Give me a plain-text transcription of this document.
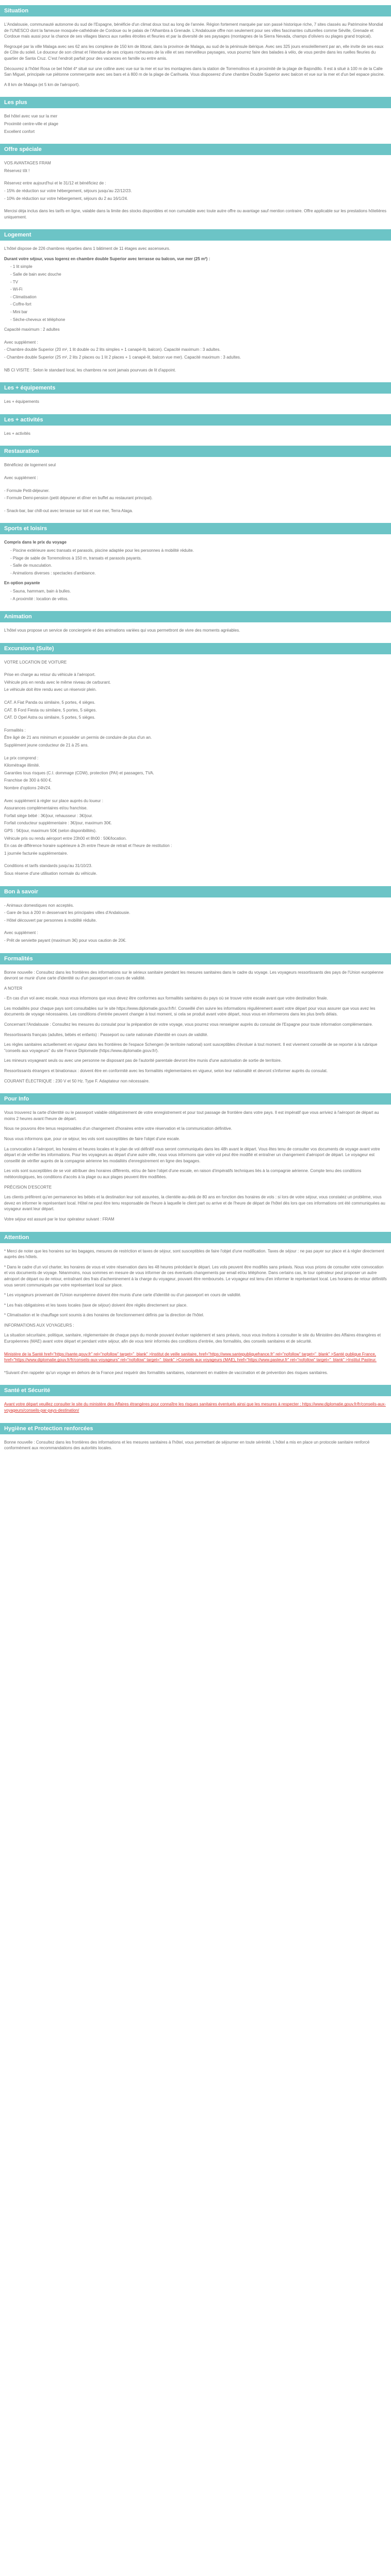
Situation

L'Andalousie, communauté autonome du sud de l'Espagne, bénéficie d'un climat doux tout au long de l'année. Région fortement marquée par son passé historique riche, 7 sites classés au Patrimoine Mondial de l'UNESCO dont la fameuse mosquée-cathédrale de Cordoue ou le palais de l'Alhambra à Grenade. L'Andalousie offre non seulement pour ses villes fascinantes culturelles comme Séville, Grenade et Cordoue mais aussi pour la chance de ses villages blancs aux ruelles étroites et fleuries et par la diversité de ses paysages (montagnes de la Sierra Nevada, champs d'oliviers ou plages grand tropical).

Regroupé par la ville Malaga avec ses 62 ans les complexe de 150 km de littoral, dans la province de Malaga, au sud de la péninsule ibérique. Avec ses 325 jours ensoleillement par an, elle invite de ses eaux de Côte du soleil. Le douceur de son climat et l'étendue de ses criques rocheuses de la ville et ses merveilleux paysages, vous pourrez faire des balades à vélo, de vous perdre dans les ruelles fleuries du quartier de Santa Cruz. C'est l'endroit parfait pour des vacances en famille ou entre amis.

Découvrez à l'hôtel Rosa ce bel hôtel 4* situé sur une colline avec vue sur la mer et sur les montagnes dans la station de Torremolinos et à proximité de la plage de Bajondillo. Il est à situé à 100 m de la Calle San Miguel, principale rue piétonne commerçante avec ses bars et à 800 m de la plage de Carihuela. Vous disposerez d'une chambre Double Superior avec balcon et vue sur la mer et d'un bel espace piscine.

A 8 km de Malaga (et 5 km de l'aéroport).

Les plus
Bel hôtel avec vue sur la mer
Proximité centre-ville et plage
Excellent confort
Offre spéciale
VOS AVANTAGES FRAM
Réservez tôt !
Réservez entre aujourd'hui et le 31/12 et bénéficiez de :
- 15% de réduction sur votre hébergement, séjours jusqu'au 22/12/23.
- 10% de réduction sur votre hébergement, séjours du 2 au 16/1/24.
Mercisi déja inclus dans les tarifs en ligne, valable dans la limite des stocks disponibles et non cumulable avec toute autre offre ou avantage sauf mention contraire. Offre applicable sur les prestations hôtelières uniquement.
Logement

L'hôtel dispose de 226 chambres réparties dans 1 bâtiment de 11 étages avec ascenseurs.

Durant votre séjour, vous logerez en chambre double Superior avec terrasse ou balcon, vue mer (25 m²) :
- 1 lit simple
- Salle de bain avec douche
- TV
- Wi-Fi
- Climatisation
- Coffre-fort
- Mini bar
- Sèche-cheveux et téléphone
Capacité maximum : 2 adultes
Avec supplément :
- Chambre double Superior (20 m², 1 lit double ou 2 lits simples + 1 canapé-lit, balcon). Capacité maximum : 3 adultes.
- Chambre double Superior (25 m², 2 lits 2 places ou 1 lit 2 places + 1 canapé-lit, balcon vue mer). Capacité maximum : 3 adultes.
NB CI VISITE : Selon le standard local, les chambres ne sont jamais pourvues de lit d'appoint.
Les + équipements
Les + équipements
Les + activités
Les + activités
Restauration
Bénéficiez de logement seul
Avec supplément :
- Formule Petit-déjeuner.
- Formule Demi-pension (petit déjeuner et dîner en buffet au restaurant principal).
- Snack-bar, bar chill-out avec terrasse sur toit et vue mer, Terra Alaga.
Sports et loisirs
Compris dans le prix du voyage
- Piscine extérieure avec transats et parasols, piscine adaptée pour les personnes à mobilité réduite.
- Plage de sable de Torremolinos à 150 m, transats et parasols payants.
- Salle de musculation.
- Animations diverses : spectacles d'ambiance.
En option payante
- Sauna, hammam, bain à bulles.
- A proximité : location de vélos.
Animation
L'hôtel vous propose un service de conciergerie et des animations variées qui vous permettront de vivre des moments agréables.
Excursions (Suite)
VOTRE LOCATION DE VOITURE
Prise en charge au retour du véhicule à l'aéroport.
Véhicule pris en rendu avec le même niveau de carburant.
Le véhicule doit être rendu avec un réservoir plein.
CAT. A Fiat Panda ou similaire, 5 portes, 4 sièges.
CAT. B Ford Fiesta ou similaire, 5 portes, 5 sièges.
CAT. D Opel Astra ou similaire, 5 portes, 5 sièges.
Formalités :
Être âgé de 21 ans minimum et posséder un permis de conduire de plus d'un an.
Supplément jeune conducteur de 21 à 25 ans.
Le prix comprend :
Kilométrage illimité.
Garanties tous risques (C.I. dommage (CDW), protection (PAI) et passagers, TVA.
Franchise de 300 à 600 €.
Nombre d'options 24h/24.
Avec supplément à régler sur place auprès du loueur :
Assurances complémentaires et/ou franchise.
Forfait siège bébé : 3€/jour, rehausseur : 3€/jour.
Forfait conducteur supplémentaire : 3€/jour, maximum 30€.
GPS : 5€/jour, maximum 50€ (selon disponibilités).
Véhicule pris ou rendu aéroport entre 23h00 et 8h00 : 50€/location.
En cas de différence horaire supérieure à 2h entre l'heure de retrait et l'heure de restitution :
1 journée facturée supplémentaire.
Conditions et tarifs standards jusqu'au 31/10/23.
Sous réserve d'une utilisation normale du véhicule.
Bon à savoir
- Animaux domestiques non acceptés.
- Gare de bus à 200 m desservant les principales villes d'Andalousie.
- Hôtel découvert par personnes à mobilité réduite.
Avec supplément :
- Prêt de serviette payant (maximum 3€) pour vous caution de 20€.
Formalités

Bonne nouvelle : Consultez dans les frontières des informations sur le sérieux sanitaire pendant les mesures sanitaires dans le cadre du voyage. Les voyageurs ressortissants des pays de l'Union européenne devront se munir d'une carte d'identité ou d'un passeport en cours de validité.

A NOTER

- En cas d'un vol avec escale, nous vous informons que vous devez être conformes aux formalités sanitaires du pays où se trouve votre escale avant que votre destination finale.

Les modalités pour chaque pays sont consultables sur le site https://www.diplomatie.gouv.fr/fr/. Conseillé d'en suivre les informations régulièrement avant votre départ pour vous assurer que vous avez les documents de voyage nécessaires. Les conditions d'entrée peuvent changer à tout moment, si cela se produit avant votre départ, nous vous en informerons dans les plus brefs délais.

Concernant l'Andalousie : Consultez les mesures du consulat pour la préparation de votre voyage, vous pourrez vous renseigner auprès du consulat de l'Espagne pour toute information complémentaire.

Ressortissants français (adultes, bébés et enfants) : Passeport ou carte nationale d'identité en cours de validité.

Les règles sanitaires actuellement en vigueur dans les frontières de l'espace Schengen (le territoire national) sont susceptibles d'évoluer à tout moment. Il est vivement conseillé de se reporter à la rubrique "conseils aux voyageurs" du site France Diplomatie (https://www.diplomatie.gouv.fr/).

Les mineurs voyageant seuls ou avec une personne ne disposant pas de l'autorité parentale devront être munis d'une autorisation de sortie de territoire.

Ressortissants étrangers et binationaux : doivent être en conformité avec les formalités réglementaires en vigueur, selon leur nationalité et devront s'informer auprès du consulat.

COURANT ÉLECTRIQUE : 230 V et 50 Hz. Type F. Adaptateur non nécessaire.

Pour Info

Vous trouverez la carte d'identité ou le passeport valable obligatoirement de votre enregistrement et pour tout passage de frontière dans votre pays. Il est impératif que vous arriviez à l'aéroport de départ au moins 2 heures avant l'heure de départ.

Nous ne pouvons être tenus responsables d'un changement d'horaires entre votre réservation et la communication définitive.

Nous vous informons que, pour ce séjour, les vols sont susceptibles de faire l'objet d'une escale.

La convocation à l'aéroport, les horaires et heures locales et le plan de vol définitif vous seront communiqués dans les 48h avant le départ. Vous êtes tenu de consulter vos documents de voyage avant votre départ et de vérifier les informations. Pour les voyageurs au départ d'une autre ville, nous vous informons que votre vol peut être modifié et entraîner un changement d'aéroport de départ. Le voyageur est conseillé de vérifier auprès de la compagnie aérienne les modalités d'enregistrement en ligne des bagages.

Les vols sont susceptibles de se voir attribuer des horaires différents, et/ou de faire l'objet d'une escale, en raison d'impératifs techniques liés à la compagnie aérienne. Compte tenu des conditions météorologiques, les conditions d'accès à la plage ou aux plages peuvent être modifiées.

PRÉCISION D'ESCORTE

Les clients préfèrent qu'en permanence les bébés et la destination leur soit assurées, la clientèle au-delà de 80 ans en fonction des horaires de vols : si lors de votre séjour, vous constatez un problème, vous devez en informer le représentant local. Hôtel ne peut être tenu responsable de l'heure à laquelle le client part ou arrive et de l'heure de départ de l'hôtel dès lors que ces informations ont été communiquées au voyageur avant leur départ.

Votre séjour est assuré par le tour opérateur suivant : FRAM

Attention

* Merci de noter que les horaires sur les bagages, mesures de restriction et taxes de séjour, sont susceptibles de faire l'objet d'une modification. Taxes de séjour : ne pas payer sur place et à régler directement auprès des hôtels.

* Dans le cadre d'un vol charter, les horaires de vous et votre réservation dans les 48 heures précédant le départ. Les vols peuvent être modifiés sans préavis. Nous vous prions de consulter votre convocation et vos documents de voyage. Néanmoins, nous sommes en mesure de vous informer de ces éventuels changements par email et/ou téléphone. Dans certains cas, le tour opérateur peut proposer un autre aéroport de départ ou de retour, entraînant des frais d'acheminement à la charge du voyageur, pouvant être remboursés. Le voyageur est tenu d'en informer le représentant local. Les horaires de retour définitifs vous seront communiqués par votre représentant local sur place.

* Les voyageurs provenant de l'Union européenne doivent être munis d'une carte d'identité ou d'un passeport en cours de validité.

* Les frais obligatoires et les taxes locales (taxe de séjour) doivent être réglés directement sur place.

* Climatisation et le chauffage sont soumis à des horaires de fonctionnement définis par la direction de l'hôtel.

INFORMATIONS AUX VOYAGEURS :

La situation sécuritaire, politique, sanitaire, réglementaire de chaque pays du monde pouvant évoluer rapidement et sans préavis, nous vous invitons à consulter le site du Ministère des Affaires étrangères et Européennes (MAE) avant votre départ et pendant votre séjour, afin de vous tenir informés des conditions d'entrée, des formalités, des conseils sanitaires et de sécurité.
Ministère de la Santé href="https://sante.gouv.fr" rel="nofollow" target="_blank" >Institut de veille sanitaire, href="https://www.santepubliquefrance.fr" rel="nofollow" target="_blank" >Santé publique France, href="https://www.diplomatie.gouv.fr/fr/conseils-aux-voyageurs" rel="nofollow" target="_blank" >Conseils aux voyageurs (MAE), href="https://www.pasteur.fr" rel="nofollow" target="_blank" >Institut Pasteur.
*Suivant d'en rappeler qu'un voyage en dehors de la France peut requérir des formalités sanitaires, notamment en matière de vaccination et de prévention des risques sanitaires.
Santé et Sécurité
Avant votre départ veuillez consulter le site du ministère des Affaires étrangères pour connaître les risques sanitaires éventuels ainsi que les mesures à respecter : https://www.diplomatie.gouv.fr/fr/conseils-aux-voyageurs/conseils-par-pays-destination/
Hygiène et Protection renforcées
Bonne nouvelle : Consultez dans les frontières des informations et les mesures sanitaires à l'hôtel, vous permettant de séjourner en toute sérénité. L'hôtel a mis en place un protocole sanitaire renforcé conformément aux recommandations des autorités locales.
